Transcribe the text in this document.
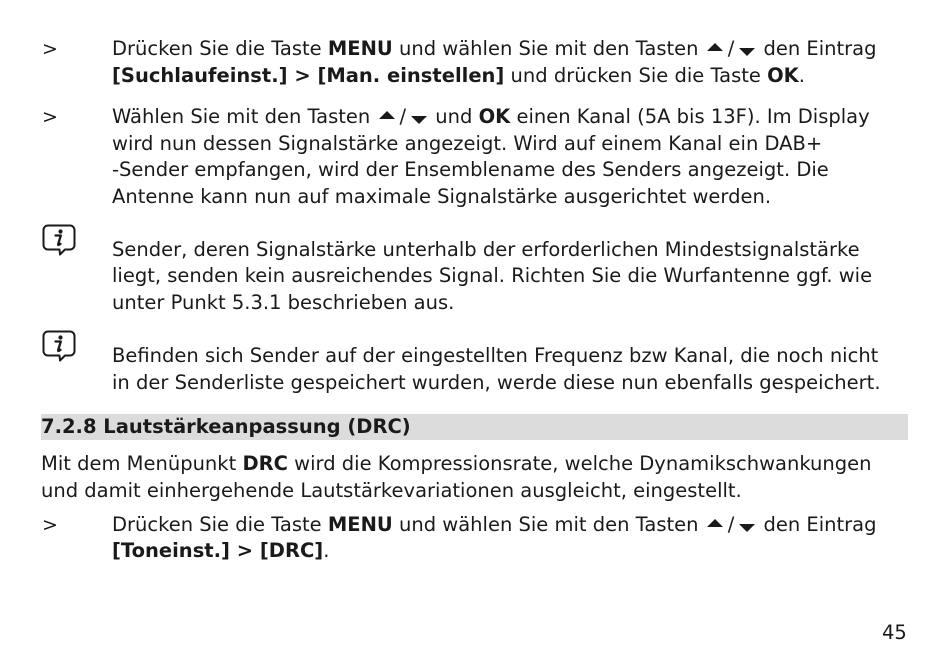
>	Drücken Sie die Taste MENU und wählen Sie mit den Tasten / den Eintrag
[Suchlaufeinst.] > [Man. einstellen] und drücken Sie die Taste OK.
>	Wählen Sie mit den Tasten / und OK einen Kanal (5A bis 13F). Im Display
wird nun dessen Signalstärke angezeigt. Wird auf einem Kanal ein DAB+
-Sender empfangen, wird der Ensemblename des Senders angezeigt. Die
Antenne kann nun auf maximale Signalstärke ausgerichtet werden.
Sender, deren Signalstärke unterhalb der erforderlichen Mindestsignalstärke
liegt, senden kein ausreichendes Signal. Richten Sie die Wurfantenne ggf. wie
unter Punkt 5.3.1 beschrieben aus.
Befinden sich Sender auf der eingestellten Frequenz bzw Kanal, die noch nicht
in der Senderliste gespeichert wurden, werde diese nun ebenfalls gespeichert.
7.2.8 Lautstärkeanpassung (DRC)
Mit dem Menüpunkt DRC wird die Kompressionsrate, welche Dynamikschwankungen
und damit einhergehende Lautstärkevariationen ausgleicht, eingestellt.
>	Drücken Sie die Taste MENU und wählen Sie mit den Tasten / den Eintrag
[Toneinst.] > [DRC].
45
